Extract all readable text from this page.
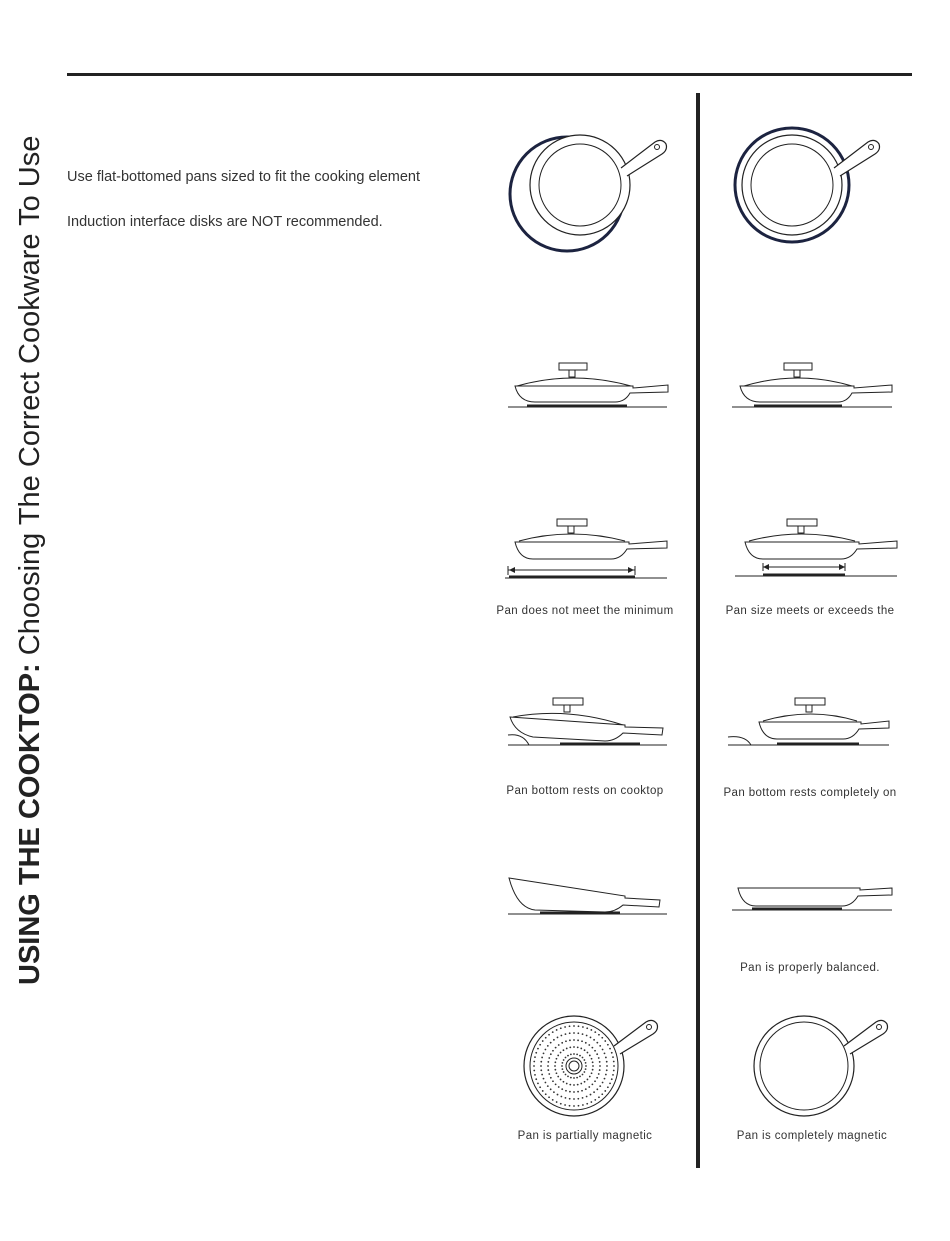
USING THE COOKTOP: Choosing The Correct Cookware To Use Use flat-bottomed pans sized to fit the cooking element
Induction interface disks are NOT recommended.
Pan does not meet the minimum	Pan size meets or exceeds the
Pan bottom rests on cooktop	Pan bottom rests completely on
Pan is properly balanced.
Pan is partially magnetic	Pan is completely magnetic
